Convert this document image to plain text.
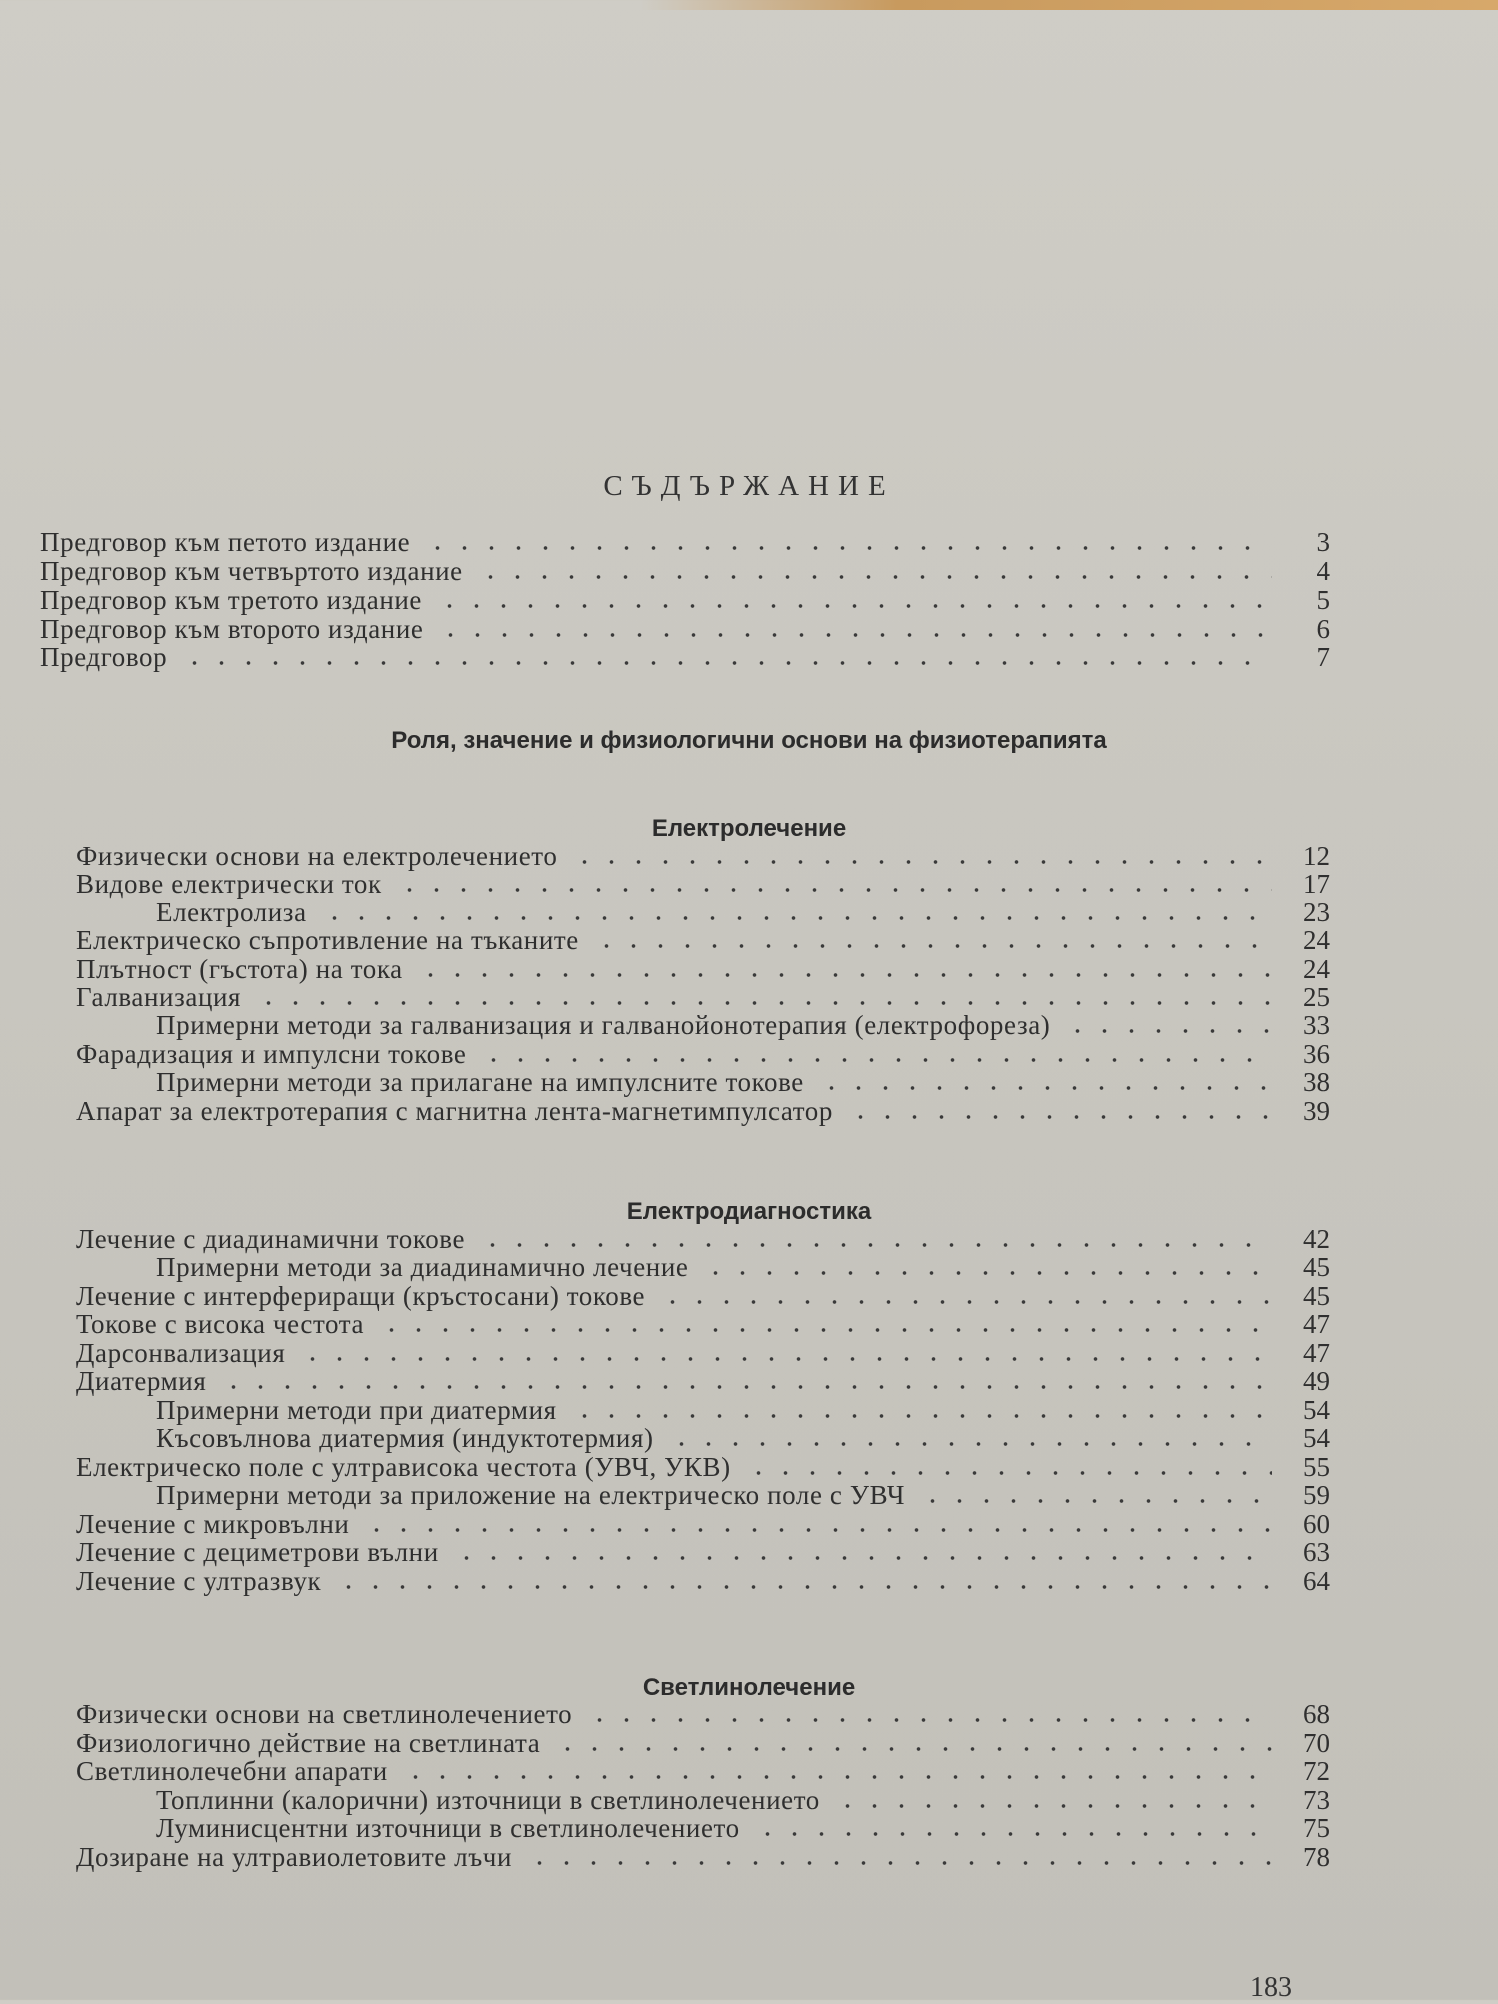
СЪДЪРЖАНИЕ
Предговор към петото издание	3
Предговор към четвъртото издание	4
Предговор към третото издание	5
Предговор към второто издание	6
Предговор	7
Роля, значение и физиологични основи на физиотерапията
Електролечение
Физически основи на електролечението	12
Видове електрически ток	17
Електролиза	23
Електрическо съпротивление на тъканите	24
Плътност (гъстота) на тока	24
Галванизация	25
Примерни методи за галванизация и галванойонотерапия (електрофореза)	33
Фарадизация и импулсни токове	36
Примерни методи за прилагане на импулсните токове	38
Апарат за електротерапия с магнитна лента-магнетимпулсатор	39
Електродиагностика
Лечение с диадинамични токове	42
Примерни методи за диадинамично лечение	45
Лечение с интерфериращи (кръстосани) токове	45
Токове с висока честота	47
Дарсонвализация	47
Диатермия	49
Примерни методи при диатермия	54
Късовълнова диатермия (индуктотермия)	54
Електрическо поле с ултрависока честота (УВЧ, УКВ)	55
Примерни методи за приложение на електрическо поле с УВЧ	59
Лечение с микровълни	60
Лечение с дециметрови вълни	63
Лечение с ултразвук	64
Светлинолечение
Физически основи на светлинолечението	68
Физиологично действие на светлината	70
Светлинолечебни апарати	72
Топлинни (калорични) източници в светлинолечението	73
Луминисцентни източници в светлинолечението	75
Дозиране на ултравиолетовите лъчи	78
183
